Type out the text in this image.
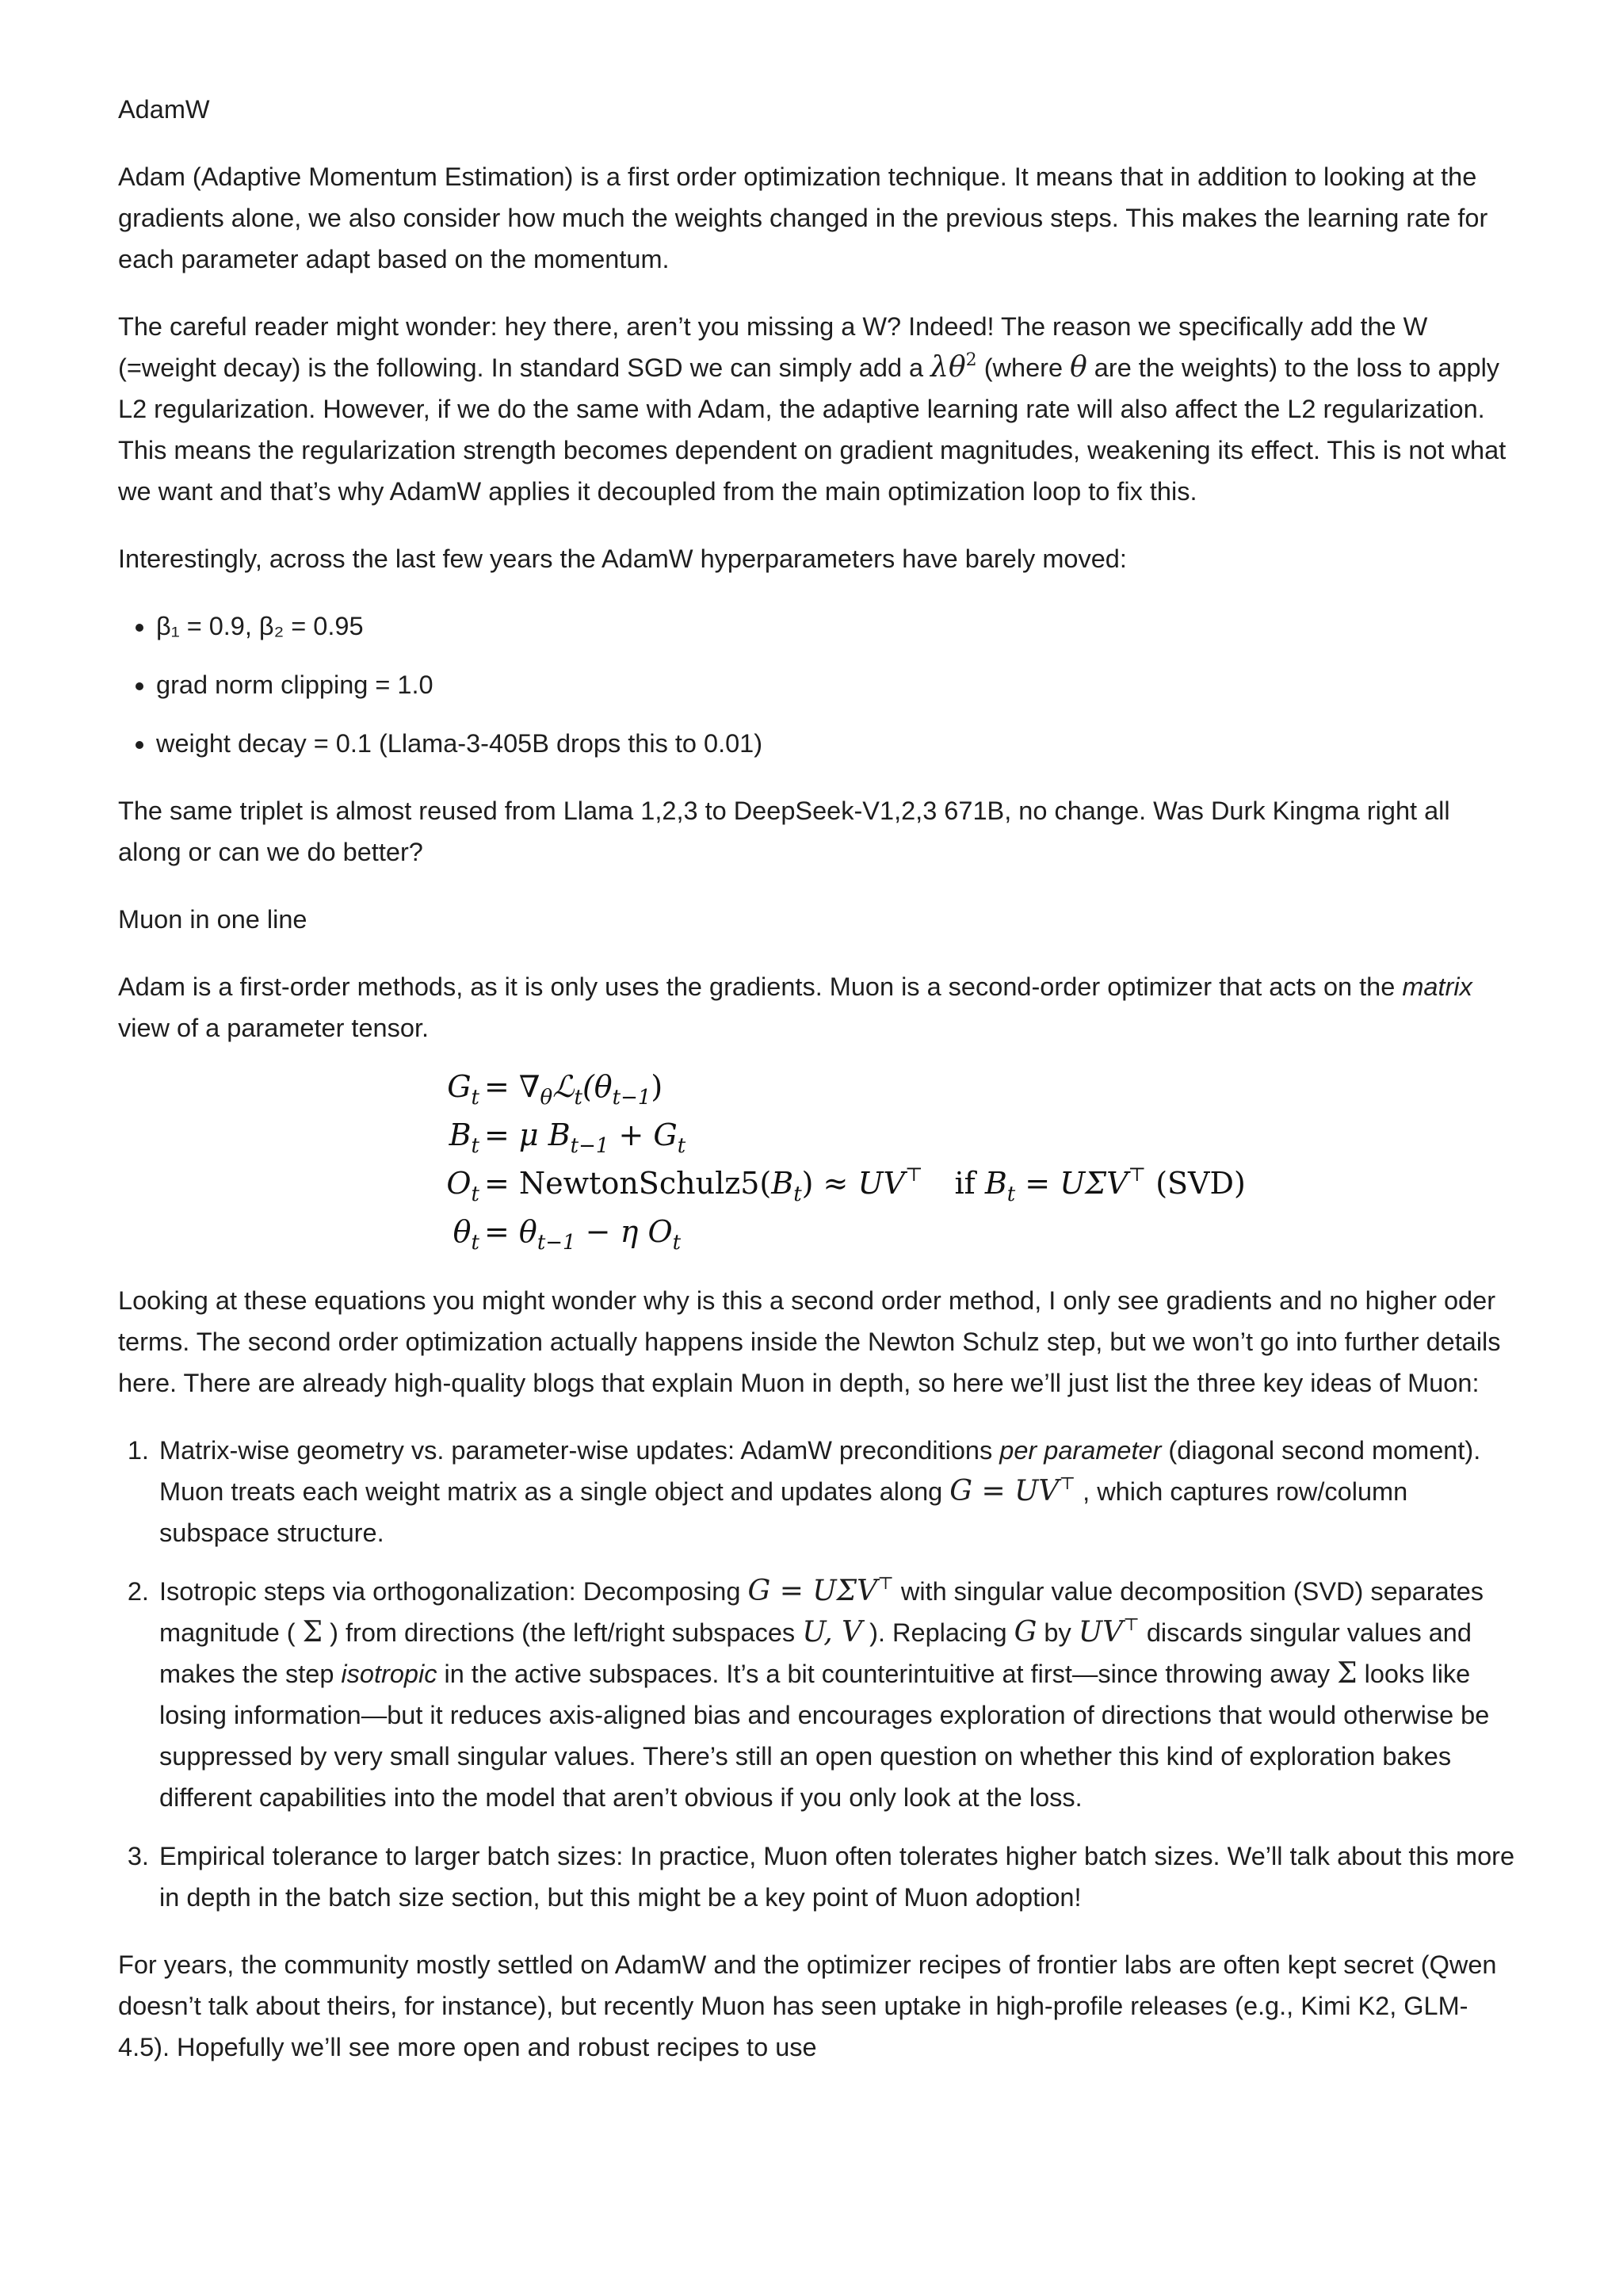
AdamW

Adam (Adaptive Momentum Estimation) is a first order optimization technique. It means that in addition to looking at the gradients alone, we also consider how much the weights changed in the previous steps. This makes the learning rate for each parameter adapt based on the momentum.

The careful reader might wonder: hey there, aren’t you missing a W? Indeed! The reason we specifically add the W (=weight decay) is the following. In standard SGD we can simply add a $\lambda\theta^2$ (where θ are the weights) to the loss to apply L2 regularization. However, if we do the same with Adam, the adaptive learning rate will also affect the L2 regularization. This means the regularization strength becomes dependent on gradient magnitudes, weakening its effect. This is not what we want and that’s why AdamW applies it decoupled from the main optimization loop to fix this.

Interestingly, across the last few years the AdamW hyperparameters have barely moved:

• β₁ = 0.9, β₂ = 0.95
• grad norm clipping = 1.0
• weight decay = 0.1 (Llama-3-405B drops this to 0.01)

The same triplet is almost reused from Llama 1,2,3 to DeepSeek-V1,2,3 671B, no change. Was Durk Kingma right all along or can we do better?

Muon in one line

Adam is a first-order methods, as it is only uses the gradients. Muon is a second-order optimizer that acts on the matrix view of a parameter tensor.

$G_t$ = $\nabla_\theta ℒ_t(\theta_{t-1})$
$B_t = \mu$ $B_{t-1} + G_t$
$O_t$ = $NewtonSchulz5(B_t) \approx UV^⊤$ if $B_t = U\Sigma V^⊤$ (SVD)
$\theta_t = \theta_{t-1} - \eta$ $O_t$

Looking at these equations you might wonder why is this a second order method, I only see gradients and no higher oder terms. The second order optimization actually happens inside the Newton Schulz step, but we won’t go into further details here. There are already high-quality blogs that explain Muon in depth, so here we’ll just list the three key ideas of Muon:

1. Matrix-wise geometry vs. parameter-wise updates: AdamW preconditions per parameter (diagonal second moment). Muon treats each weight matrix as a single object and updates along G = UV⊤ , which captures row/column subspace structure.
2. Isotropic steps via orthogonalization: Decomposing G = UΣV⊤ with singular value decomposition (SVD) separates magnitude ( Σ ) from directions (the left/right subspaces U, V ). Replacing G by UV⊤ discards singular values and makes the step isotropic in the active subspaces. It’s a bit counterintuitive at first—since throwing away Σ looks like losing information—but it reduces axis-aligned bias and encourages exploration of directions that would otherwise be suppressed by very small singular values. There’s still an open question on whether this kind of exploration bakes different capabilities into the model that aren’t obvious if you only look at the loss.
3. Empirical tolerance to larger batch sizes: In practice, Muon often tolerates higher batch sizes. We’ll talk about this more in depth in the batch size section, but this might be a key point of Muon adoption!

For years, the community mostly settled on AdamW and the optimizer recipes of frontier labs are often kept secret (Qwen doesn’t talk about theirs, for instance), but recently Muon has seen uptake in high-profile releases (e.g., Kimi K2, GLM-4.5). Hopefully we’ll see more open and robust recipes to use
